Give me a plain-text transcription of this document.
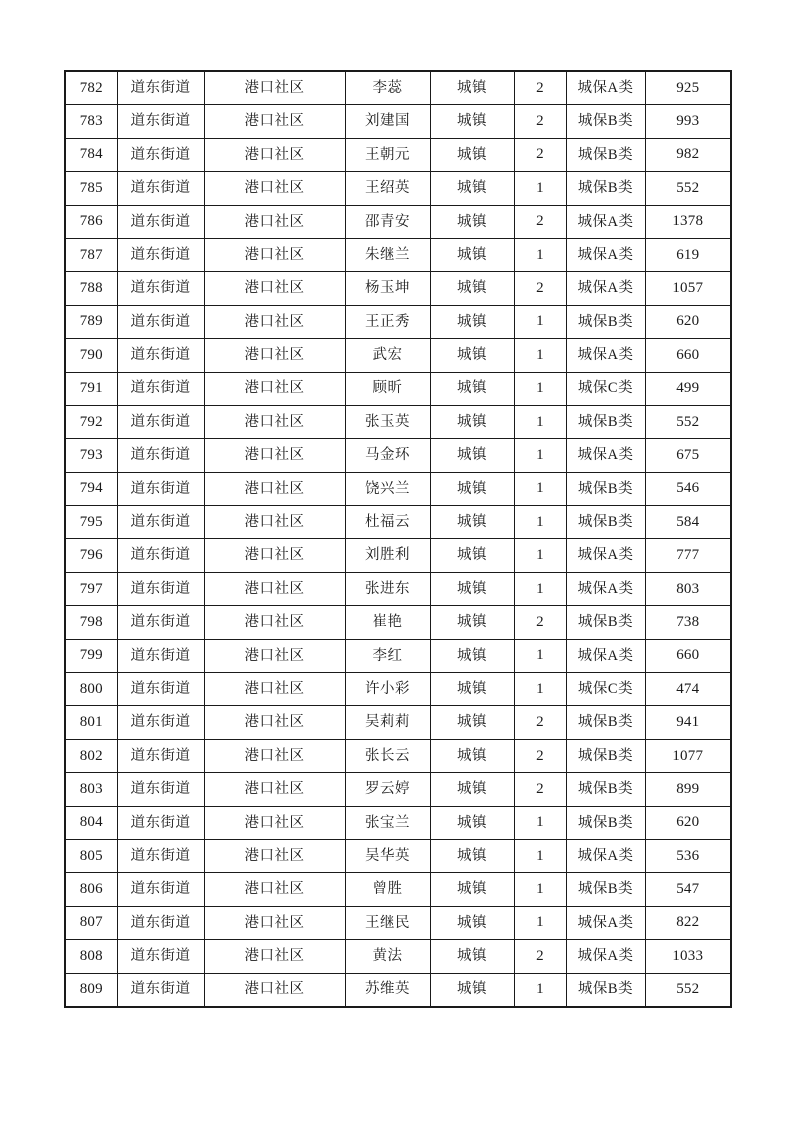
782	道东街道	港口社区	李蕊	城镇	2	城保A类	925
783	道东街道	港口社区	刘建国	城镇	2	城保B类	993
784	道东街道	港口社区	王朝元	城镇	2	城保B类	982
785	道东街道	港口社区	王绍英	城镇	1	城保B类	552
786	道东街道	港口社区	邵青安	城镇	2	城保A类	1378
787	道东街道	港口社区	朱继兰	城镇	1	城保A类	619
788	道东街道	港口社区	杨玉坤	城镇	2	城保A类	1057
789	道东街道	港口社区	王正秀	城镇	1	城保B类	620
790	道东街道	港口社区	武宏	城镇	1	城保A类	660
791	道东街道	港口社区	顾昕	城镇	1	城保C类	499
792	道东街道	港口社区	张玉英	城镇	1	城保B类	552
793	道东街道	港口社区	马金环	城镇	1	城保A类	675
794	道东街道	港口社区	饶兴兰	城镇	1	城保B类	546
795	道东街道	港口社区	杜福云	城镇	1	城保B类	584
796	道东街道	港口社区	刘胜利	城镇	1	城保A类	777
797	道东街道	港口社区	张进东	城镇	1	城保A类	803
798	道东街道	港口社区	崔艳	城镇	2	城保B类	738
799	道东街道	港口社区	李红	城镇	1	城保A类	660
800	道东街道	港口社区	许小彩	城镇	1	城保C类	474
801	道东街道	港口社区	吴莉莉	城镇	2	城保B类	941
802	道东街道	港口社区	张长云	城镇	2	城保B类	1077
803	道东街道	港口社区	罗云婷	城镇	2	城保B类	899
804	道东街道	港口社区	张宝兰	城镇	1	城保B类	620
805	道东街道	港口社区	吴华英	城镇	1	城保A类	536
806	道东街道	港口社区	曾胜	城镇	1	城保B类	547
807	道东街道	港口社区	王继民	城镇	1	城保A类	822
808	道东街道	港口社区	黄法	城镇	2	城保A类	1033
809	道东街道	港口社区	苏维英	城镇	1	城保B类	552
